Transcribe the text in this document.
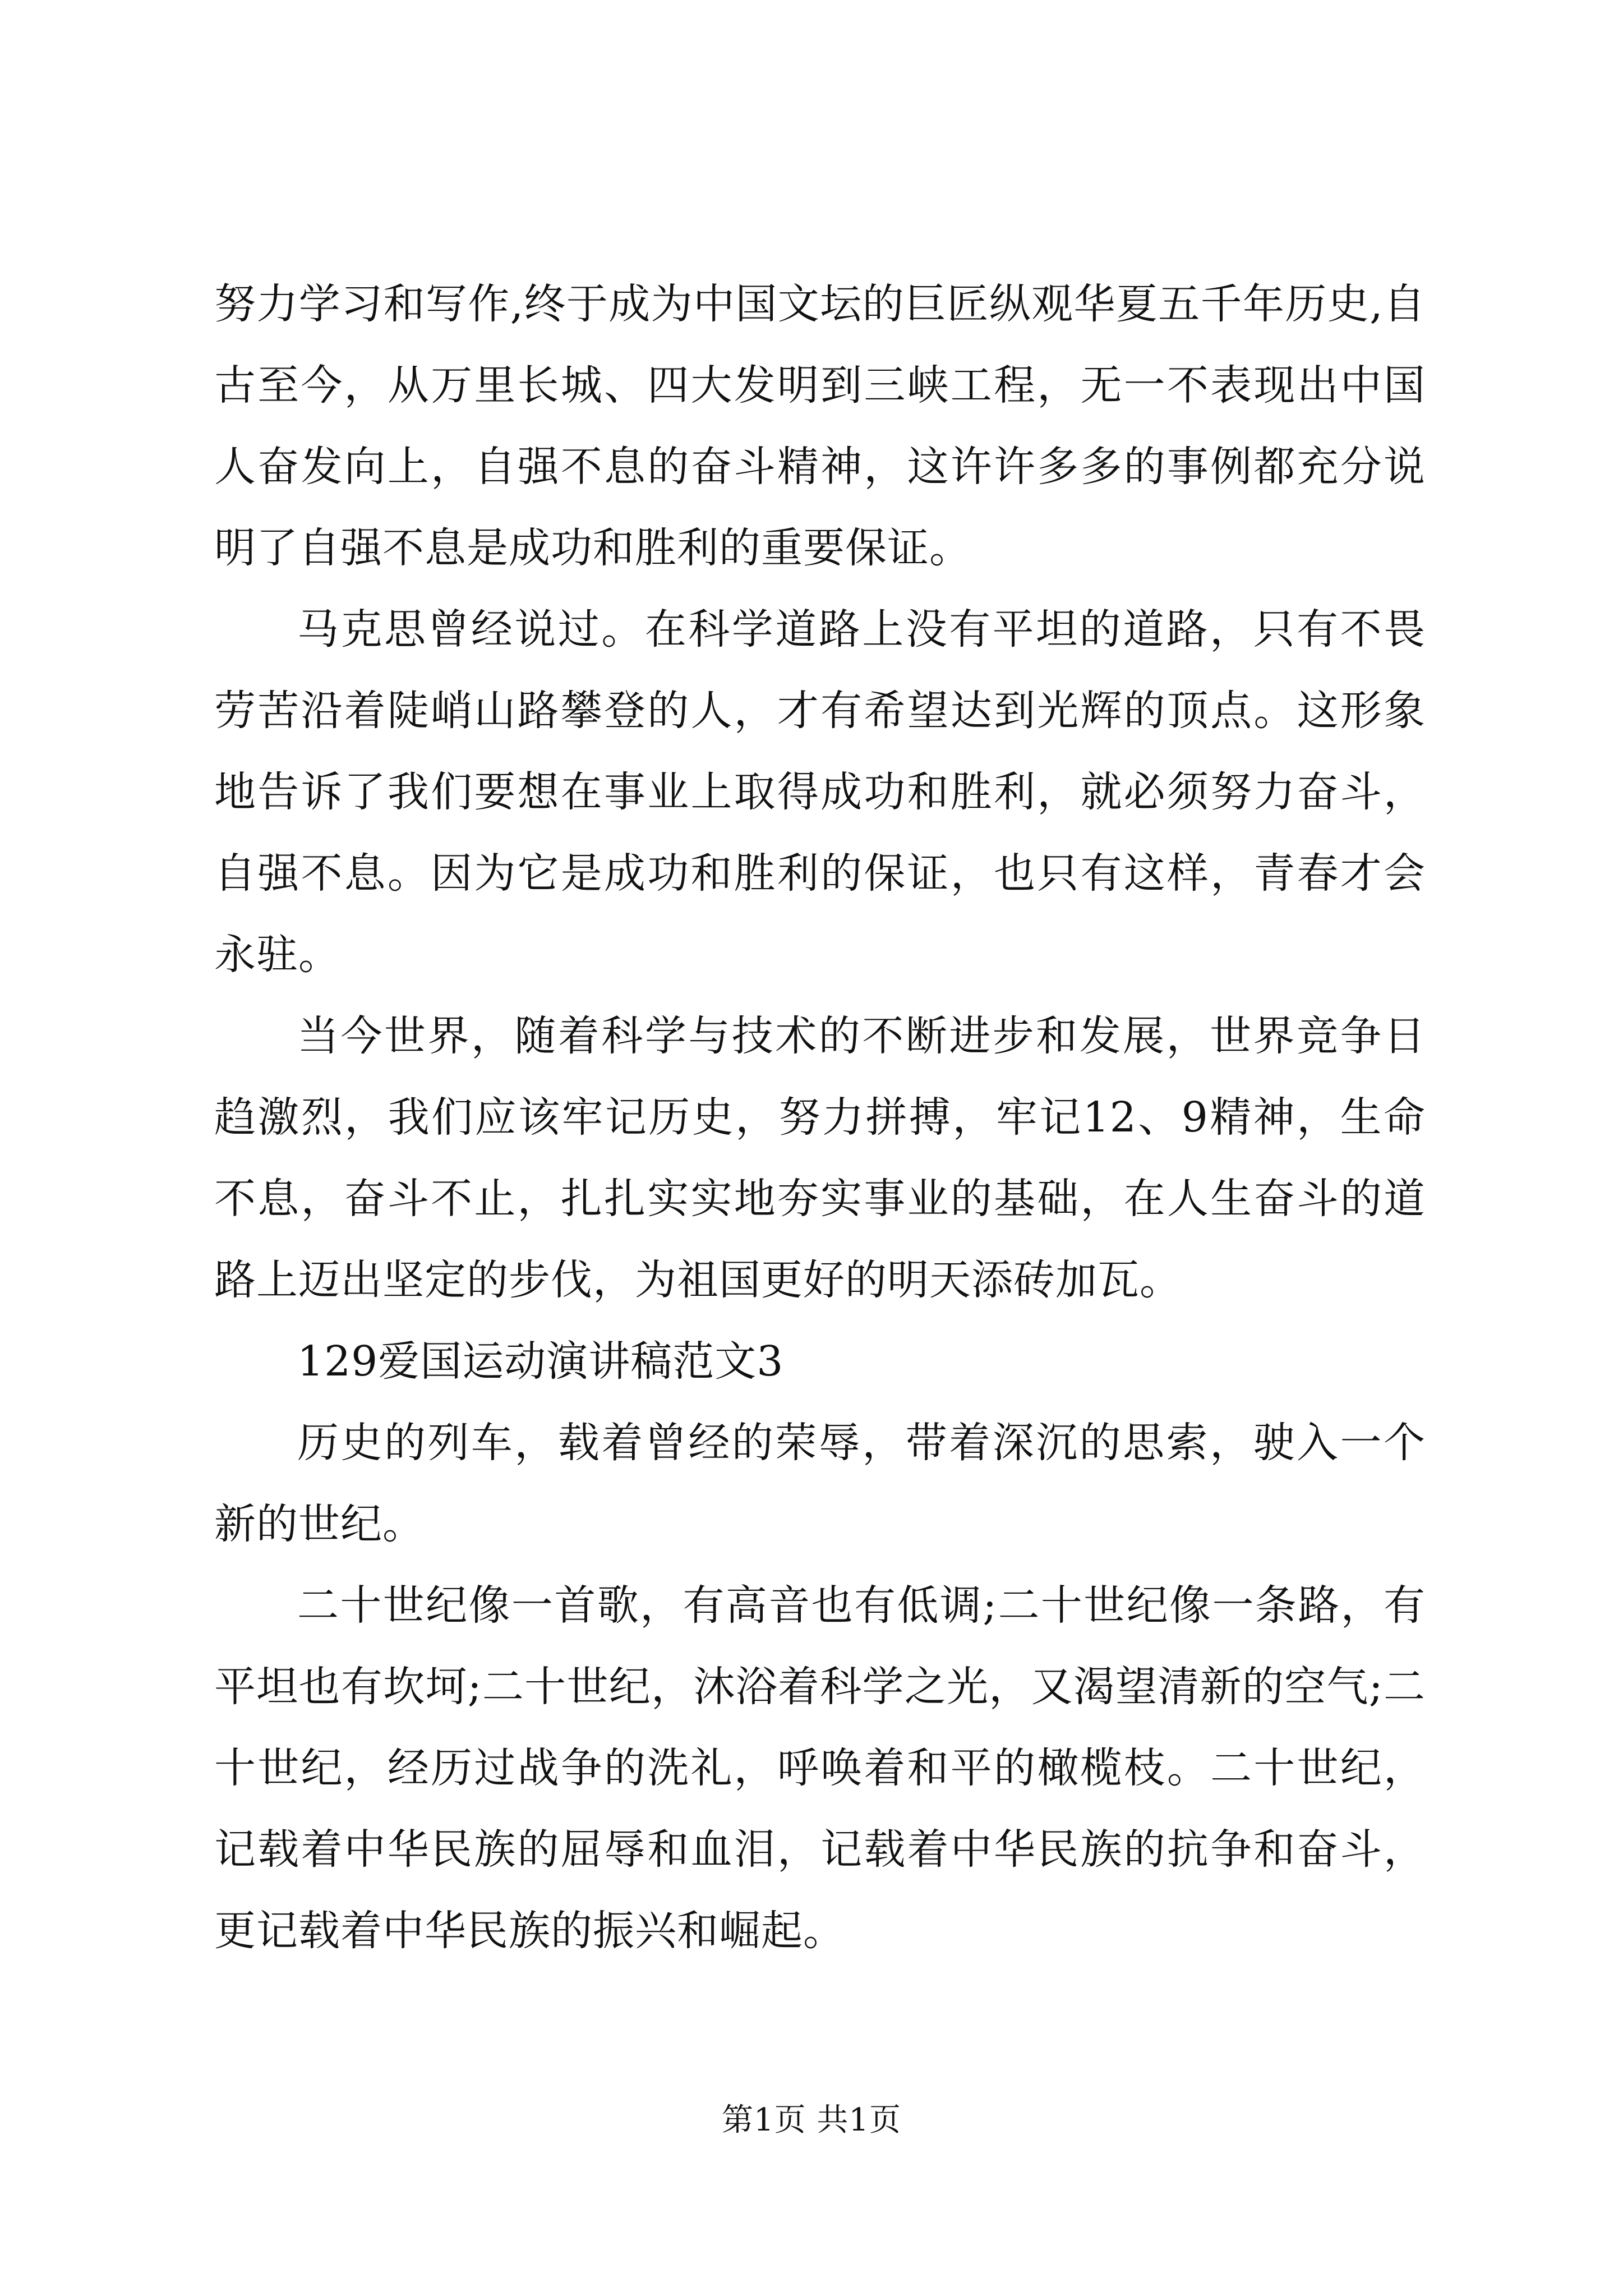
努力学习和写作,终于成为中国文坛的巨匠纵观华夏五千年历史,自古至今，从万里长城、四大发明到三峡工程，无一不表现出中国人奋发向上，自强不息的奋斗精神，这许许多多的事例都充分说明了自强不息是成功和胜利的重要保证。

马克思曾经说过。在科学道路上没有平坦的道路，只有不畏劳苦沿着陡峭山路攀登的人，才有希望达到光辉的顶点。这形象地告诉了我们要想在事业上取得成功和胜利，就必须努力奋斗，自强不息。因为它是成功和胜利的保证，也只有这样，青春才会永驻。

当今世界，随着科学与技术的不断进步和发展，世界竞争日趋激烈，我们应该牢记历史，努力拼搏，牢记12、9精神，生命不息，奋斗不止，扎扎实实地夯实事业的基础，在人生奋斗的道路上迈出坚定的步伐，为祖国更好的明天添砖加瓦。

129爱国运动演讲稿范文3

历史的列车，载着曾经的荣辱，带着深沉的思索，驶入一个新的世纪。

二十世纪像一首歌，有高音也有低调;二十世纪像一条路，有平坦也有坎坷;二十世纪，沐浴着科学之光，又渴望清新的空气;二十世纪，经历过战争的洗礼，呼唤着和平的橄榄枝。二十世纪，记载着中华民族的屈辱和血泪，记载着中华民族的抗争和奋斗，更记载着中华民族的振兴和崛起。

第1页 共1页
